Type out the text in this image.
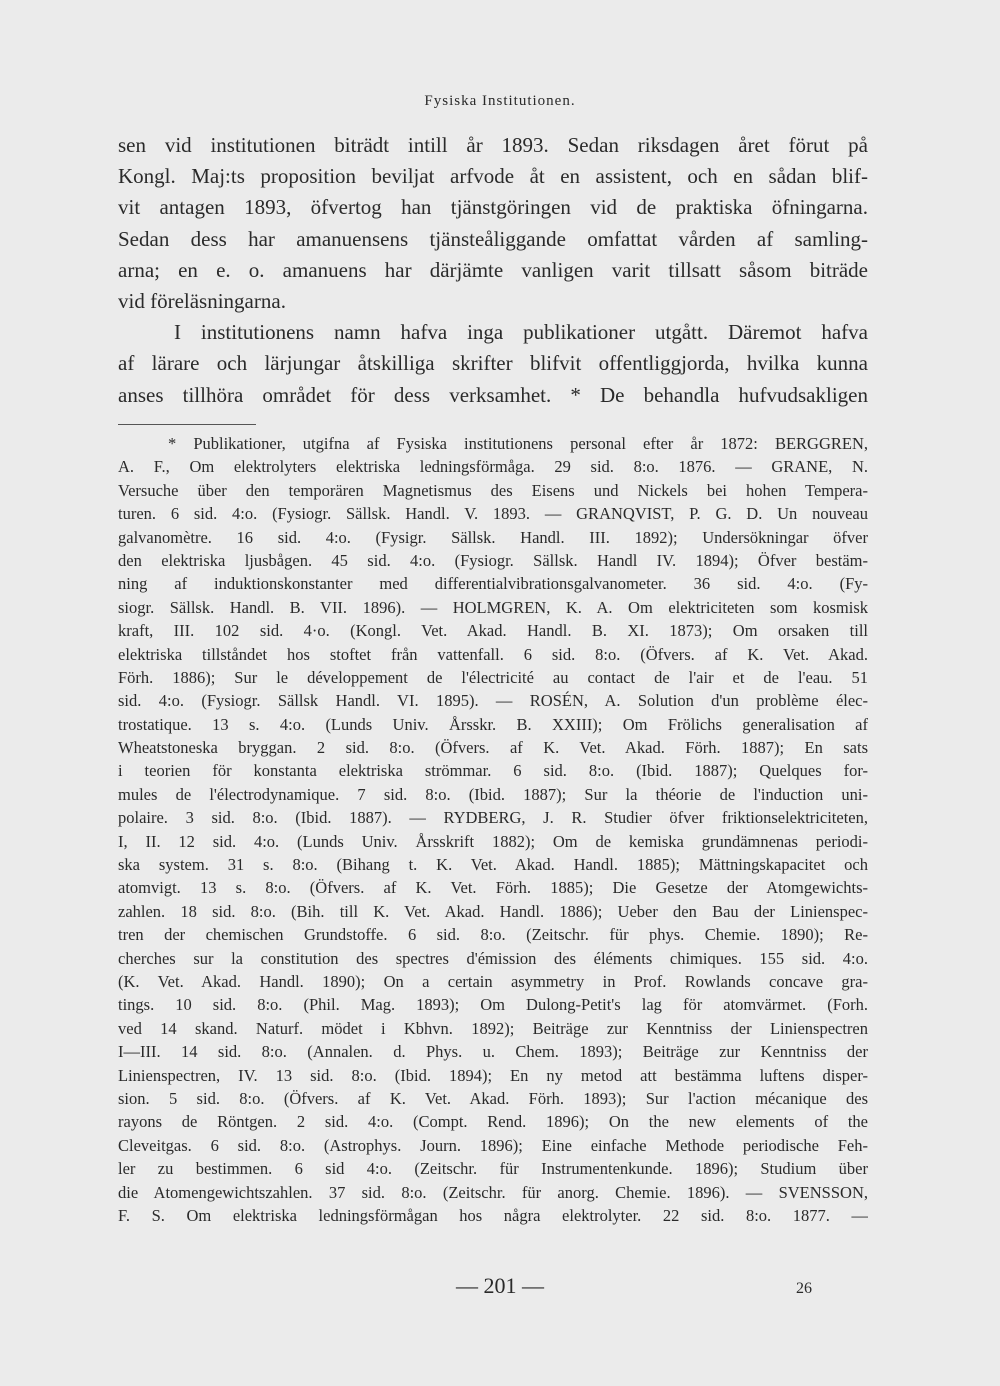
Fysiska Institutionen.
sen vid institutionen biträdt intill år 1893. Sedan riksdagen året förut på
Kongl. Maj:ts proposition beviljat arfvode åt en assistent, och en sådan blif-
vit antagen 1893, öfvertog han tjänstgöringen vid de praktiska öfningarna.
Sedan dess har amanuensens tjänsteåliggande omfattat vården af samling-
arna; en e. o. amanuens har därjämte vanligen varit tillsatt såsom biträde
vid föreläsningarna.
I institutionens namn hafva inga publikationer utgått. Däremot hafva
af lärare och lärjungar åtskilliga skrifter blifvit offentliggjorda, hvilka kunna
anses tillhöra området för dess verksamhet. * De behandla hufvudsakligen
* Publikationer, utgifna af Fysiska institutionens personal efter år 1872: BERGGREN,
A. F., Om elektrolyters elektriska ledningsförmåga. 29 sid. 8:o. 1876. — GRANE, N.
Versuche über den temporären Magnetismus des Eisens und Nickels bei hohen Tempera-
turen. 6 sid. 4:o. (Fysiogr. Sällsk. Handl. V. 1893. — GRANQVIST, P. G. D. Un nouveau
galvanomètre. 16 sid. 4:o. (Fysigr. Sällsk. Handl. III. 1892); Undersökningar öfver
den elektriska ljusbågen. 45 sid. 4:o. (Fysiogr. Sällsk. Handl IV. 1894); Öfver bestäm-
ning af induktionskonstanter med differentialvibrationsgalvanometer. 36 sid. 4:o. (Fy-
siogr. Sällsk. Handl. B. VII. 1896). — HOLMGREN, K. A. Om elektriciteten som kosmisk
kraft, III. 102 sid. 4·o. (Kongl. Vet. Akad. Handl. B. XI. 1873); Om orsaken till
elektriska tillståndet hos stoftet från vattenfall. 6 sid. 8:o. (Öfvers. af K. Vet. Akad.
Förh. 1886); Sur le développement de l'électricité au contact de l'air et de l'eau. 51
sid. 4:o. (Fysiogr. Sällsk Handl. VI. 1895). — ROSÉN, A. Solution d'un problème élec-
trostatique. 13 s. 4:o. (Lunds Univ. Årsskr. B. XXIII); Om Frölichs generalisation af
Wheatstoneska bryggan. 2 sid. 8:o. (Öfvers. af K. Vet. Akad. Förh. 1887); En sats
i teorien för konstanta elektriska strömmar. 6 sid. 8:o. (Ibid. 1887); Quelques for-
mules de l'électrodynamique. 7 sid. 8:o. (Ibid. 1887); Sur la théorie de l'induction uni-
polaire. 3 sid. 8:o. (Ibid. 1887). — RYDBERG, J. R. Studier öfver friktionselektriciteten,
I, II. 12 sid. 4:o. (Lunds Univ. Årsskrift 1882); Om de kemiska grundämnenas periodi-
ska system. 31 s. 8:o. (Bihang t. K. Vet. Akad. Handl. 1885); Mättningskapacitet och
atomvigt. 13 s. 8:o. (Öfvers. af K. Vet. Förh. 1885); Die Gesetze der Atomgewichts-
zahlen. 18 sid. 8:o. (Bih. till K. Vet. Akad. Handl. 1886); Ueber den Bau der Linienspec-
tren der chemischen Grundstoffe. 6 sid. 8:o. (Zeitschr. für phys. Chemie. 1890); Re-
cherches sur la constitution des spectres d'émission des éléments chimiques. 155 sid. 4:o.
(K. Vet. Akad. Handl. 1890); On a certain asymmetry in Prof. Rowlands concave gra-
tings. 10 sid. 8:o. (Phil. Mag. 1893); Om Dulong-Petit's lag för atomvärmet. (Forh.
ved 14 skand. Naturf. mödet i Kbhvn. 1892); Beiträge zur Kenntniss der Linienspectren
I—III. 14 sid. 8:o. (Annalen. d. Phys. u. Chem. 1893); Beiträge zur Kenntniss der
Linienspectren, IV. 13 sid. 8:o. (Ibid. 1894); En ny metod att bestämma luftens disper-
sion. 5 sid. 8:o. (Öfvers. af K. Vet. Akad. Förh. 1893); Sur l'action mécanique des
rayons de Röntgen. 2 sid. 4:o. (Compt. Rend. 1896); On the new elements of the
Cleveitgas. 6 sid. 8:o. (Astrophys. Journ. 1896); Eine einfache Methode periodische Feh-
ler zu bestimmen. 6 sid 4:o. (Zeitschr. für Instrumentenkunde. 1896); Studium über
die Atomengewichtszahlen. 37 sid. 8:o. (Zeitschr. für anorg. Chemie. 1896). — SVENSSON,
F. S. Om elektriska ledningsförmågan hos några elektrolyter. 22 sid. 8:o. 1877. —
— 201 —	26
